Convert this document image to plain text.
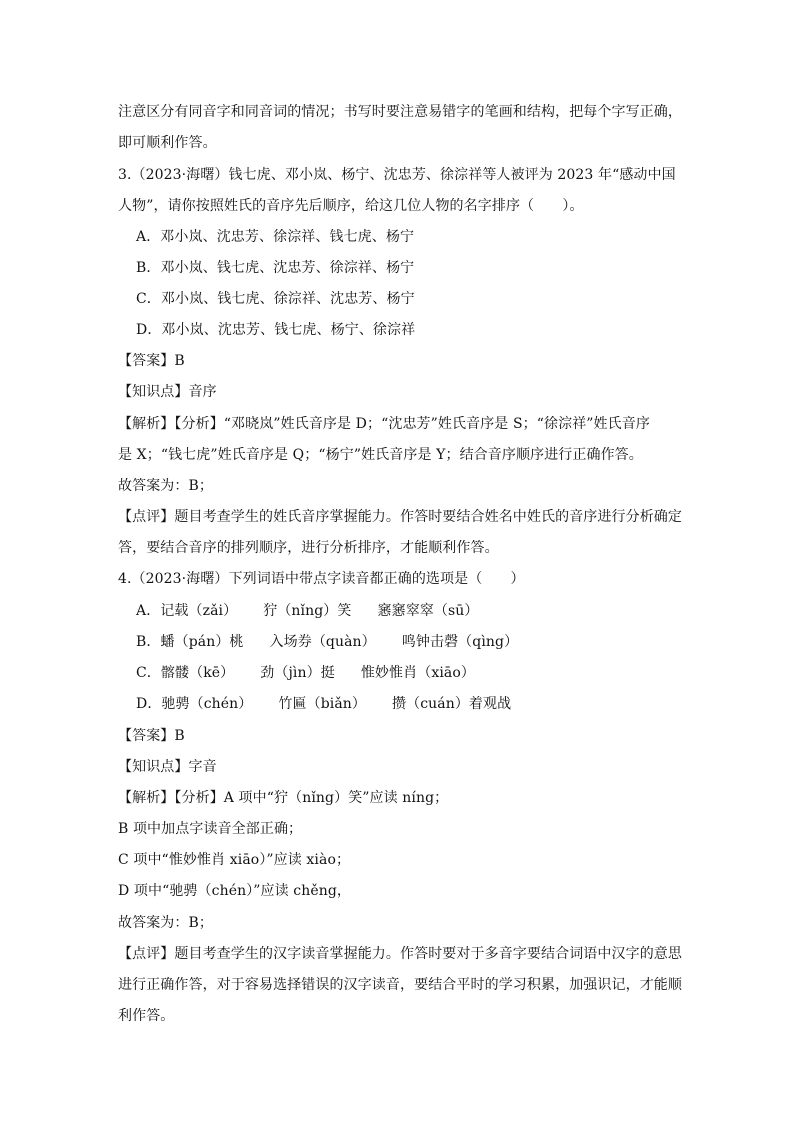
注意区分有同音字和同音词的情况；书写时要注意易错字的笔画和结构，把每个字写正确，
即可顺利作答。
3.（2023·海曙）钱七虎、邓小岚、杨宁、沈忠芳、徐淙祥等人被评为 2023 年“感动中国
人物”，请你按照姓氏的音序先后顺序，给这几位人物的名字排序（　　）。
A．邓小岚、沈忠芳、徐淙祥、钱七虎、杨宁
B．邓小岚、钱七虎、沈忠芳、徐淙祥、杨宁
C．邓小岚、钱七虎、徐淙祥、沈忠芳、杨宁
D．邓小岚、沈忠芳、钱七虎、杨宁、徐淙祥
【答案】B
【知识点】音序
【解析】【分析】“邓晓岚”姓氏音序是 D；“沈忠芳”姓氏音序是 S；“徐淙祥”姓氏音序
是 X；“钱七虎”姓氏音序是 Q；“杨宁”姓氏音序是 Y；结合音序顺序进行正确作答。
故答案为：B；
【点评】题目考查学生的姓氏音序掌握能力。作答时要结合姓名中姓氏的音序进行分析确定
答，要结合音序的排列顺序，进行分析排序，才能顺利作答。
4.（2023·海曙）下列词语中带点字读音都正确的选项是（　　）
A．记载（zǎi） 狞（nǐng）笑 窸窸窣窣（sū）
B．蟠（pán）桃 入场券（quàn） 鸣钟击磬（qìng）
C．髂髅（kē） 劲（jìn）挺 惟妙惟肖（xiāo）
D．驰骋（chén） 竹匾（biǎn） 攒（cuán）着观战
【答案】B
【知识点】字音
【解析】【分析】A 项中“狞（nǐng）笑”应读 níng；
B 项中加点字读音全部正确；
C 项中“惟妙惟肖 xiāo）”应读 xiào；
D 项中“驰骋（chén）”应读 chěng，
故答案为：B；
【点评】题目考查学生的汉字读音掌握能力。作答时要对于多音字要结合词语中汉字的意思
进行正确作答，对于容易选择错误的汉字读音，要结合平时的学习积累，加强识记，才能顺
利作答。
